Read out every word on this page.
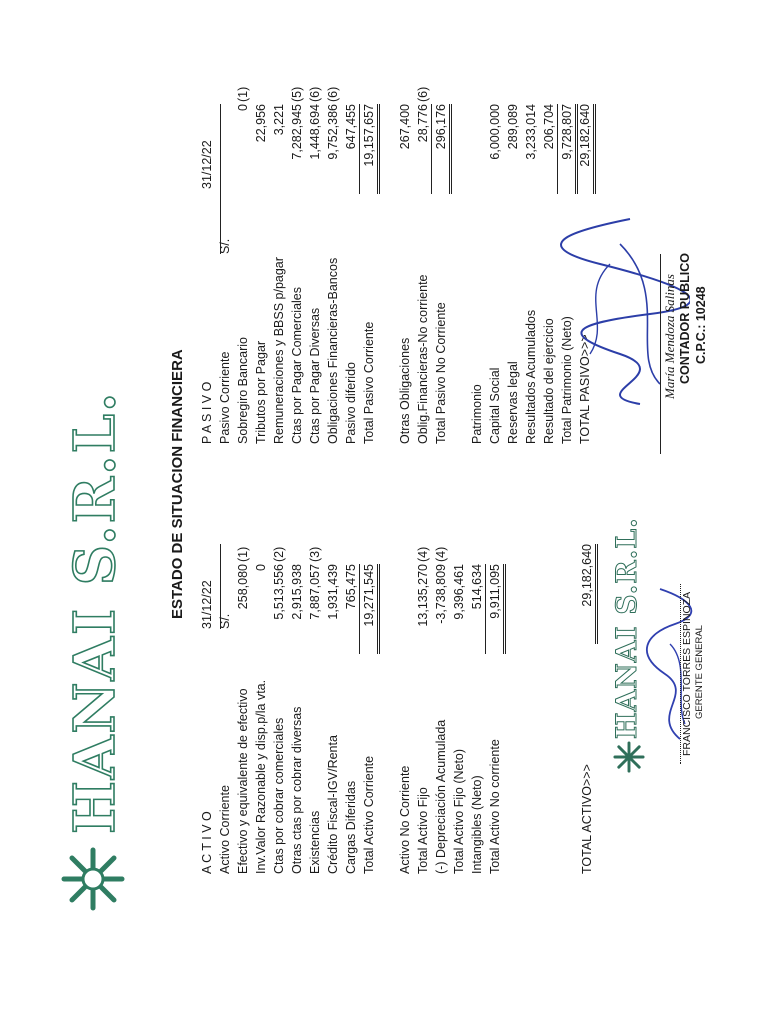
HANAI S.R.L.	ESTADO DE SITUACION FINANCIERA
A C T I V O
31/12/22 S/.
Activo Corriente Efectivo y equivalente de efectivo
258,080
(1)
Inv.Valor Razonable y disp.p/la vta.
0
Ctas por cobrar comerciales
5,513,556
(2)
Otras ctas por cobrar diversas
2,915,938
Existencias
7,887,057
(3)
Crédito Fiscal-IGV/Renta
1,931,439
Cargas Diferidas
765,475
Total Activo Corriente
19,271,545
Activo No Corriente Total Activo Fijo
13,135,270
(4)
(-) Depreciación Acumulada
-3,738,809
(4)
Total Activo Fijo (Neto)
9,396,461
Intangibles (Neto)
514,634
Total Activo No corriente
9,911,095
P A S I V O
31/12/22
S/.
Pasivo Corriente Sobregiro Bancario
0
(1)
Tributos por Pagar
22,956
Remuneraciones y BBSS p/pagar
3,221
Ctas por Pagar Comerciales
7,282,945
(5)
Ctas por Pagar Diversas
1,448,694
(6)
Obligaciones Financieras-Bancos
9,752,386
(6)
Pasivo diferido
647,455
Total Pasivo Corriente
19,157,657
Otras Obligaciones
267,400
Oblig.Financieras-No corriente
28,776
(6)
Total Pasivo No Corriente
296,176
Patrimonio Capital Social
6,000,000
Reservas legal
289,089
Resultados Acumulados
3,233,014
Resultado del ejercicio
206,704
Total Patrimonio (Neto)
9,728,807
TOTAL PASIVO>>>
29,182,640
TOTAL ACTIVO>>>
29,182,640 HANAI S.R.L.	FRANCISCO TORRES ESPINOZA GERENTE GENERAL
María Mendoza Salinas CONTADOR PUBLICO C.P.C.: 10248
